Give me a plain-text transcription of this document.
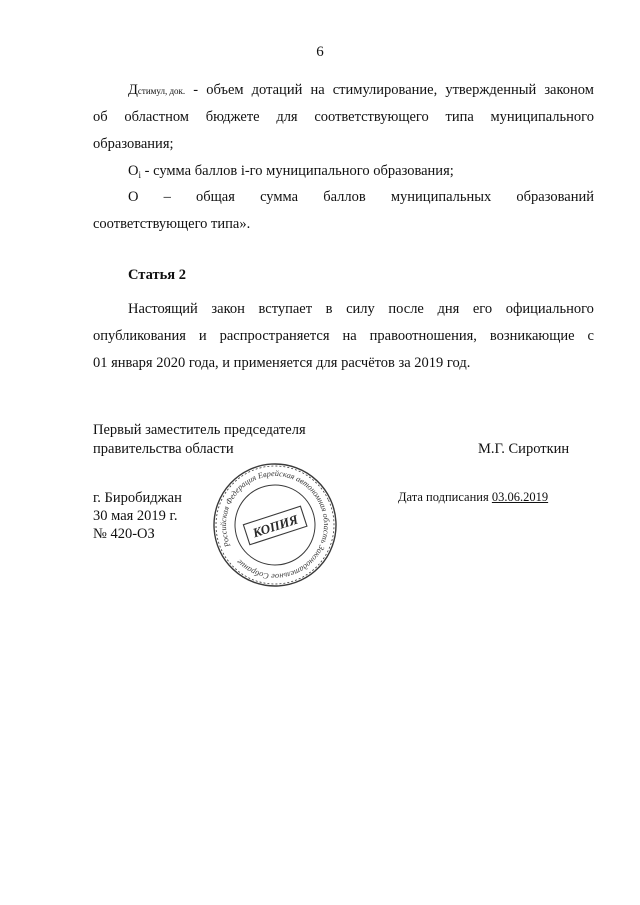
6
Дстимул, док. - объем дотаций на стимулирование, утвержденный законом
об областном бюджете для соответствующего типа муниципального
образования;
$О_i$ - сумма баллов i-го муниципального образования;
О – общая сумма баллов муниципальных образований
соответствующего типа».
Статья 2
Настоящий закон вступает в силу после дня его официального
опубликования и распространяется на правоотношения, возникающие с
01 января 2020 года, и применяется для расчётов за 2019 год.
Первый заместитель председателя
правительства области	М.Г. Сироткин
г. Биробиджан
30 мая 2019 г.
№ 420-ОЗ
Дата подписания 03.06.2019
Российская Федерация Еврейская автономная область Законодательное Собрание
КОПИЯ
